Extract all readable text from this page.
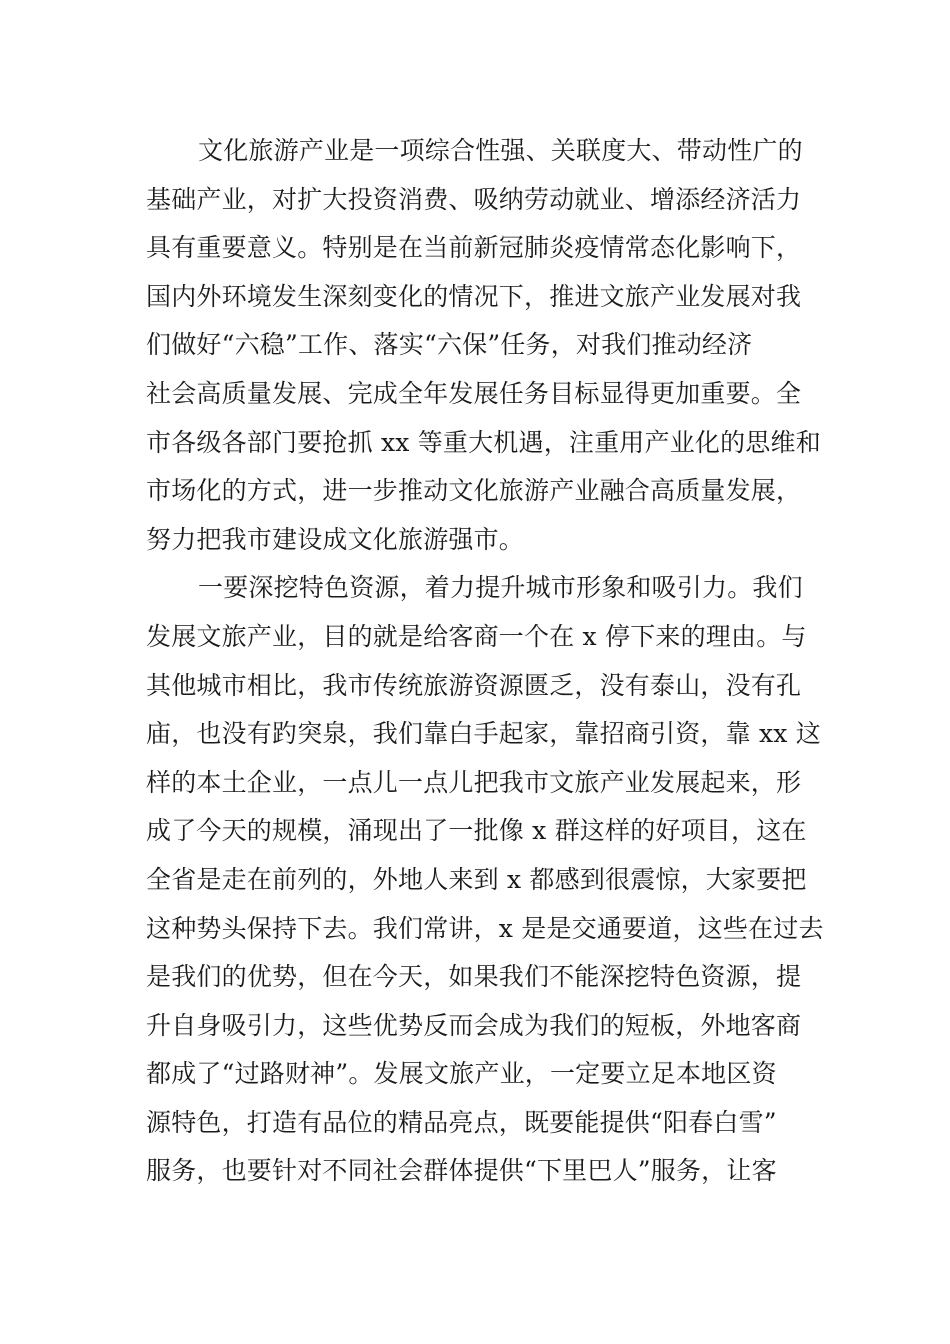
文化旅游产业是一项综合性强、关联度大、带动性广的
基础产业，对扩大投资消费、吸纳劳动就业、增添经济活力
具有重要意义。特别是在当前新冠肺炎疫情常态化影响下，
国内外环境发生深刻变化的情况下，推进文旅产业发展对我
们做好“六稳”工作、落实“六保”任务，对我们推动经济
社会高质量发展、完成全年发展任务目标显得更加重要。全
市各级各部门要抢抓 xx 等重大机遇，注重用产业化的思维和
市场化的方式，进一步推动文化旅游产业融合高质量发展，
努力把我市建设成文化旅游强市。
一要深挖特色资源，着力提升城市形象和吸引力。我们
发展文旅产业，目的就是给客商一个在 x 停下来的理由。与
其他城市相比，我市传统旅游资源匮乏，没有泰山，没有孔
庙，也没有趵突泉，我们靠白手起家，靠招商引资，靠 xx 这
样的本土企业，一点儿一点儿把我市文旅产业发展起来，形
成了今天的规模，涌现出了一批像 x 群这样的好项目，这在
全省是走在前列的，外地人来到 x 都感到很震惊，大家要把
这种势头保持下去。我们常讲，x 是是交通要道，这些在过去
是我们的优势，但在今天，如果我们不能深挖特色资源，提
升自身吸引力，这些优势反而会成为我们的短板，外地客商
都成了“过路财神”。发展文旅产业，一定要立足本地区资
源特色，打造有品位的精品亮点，既要能提供“阳春白雪”
服务，也要针对不同社会群体提供“下里巴人”服务，让客
